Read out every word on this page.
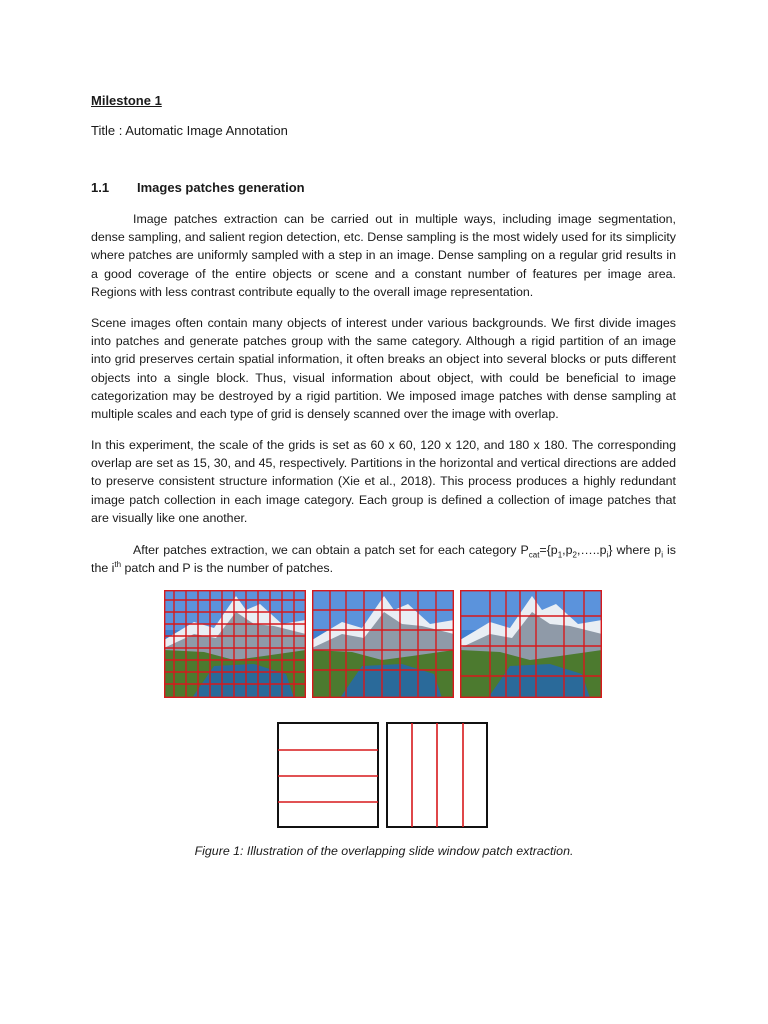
Milestone 1
Title : Automatic Image Annotation
1.1	Images patches generation

Image patches extraction can be carried out in multiple ways, including image segmentation, dense sampling, and salient region detection, etc. Dense sampling is the most widely used for its simplicity where patches are uniformly sampled with a step in an image. Dense sampling on a regular grid results in a good coverage of the entire objects or scene and a constant number of features per image area. Regions with less contrast contribute equally to the overall image representation.

Scene images often contain many objects of interest under various backgrounds. We first divide images into patches and generate patches group with the same category. Although a rigid partition of an image into grid preserves certain spatial information, it often breaks an object into several blocks or puts different objects into a single block. Thus, visual information about object, with could be beneficial to image categorization may be destroyed by a rigid partition. We imposed image patches with dense sampling at multiple scales and each type of grid is densely scanned over the image with overlap.

In this experiment, the scale of the grids is set as 60 x 60, 120 x 120, and 180 x 180. The corresponding overlap are set as 15, 30, and 45, respectively. Partitions in the horizontal and vertical directions are added to preserve consistent structure information (Xie et al., 2018). This process produces a highly redundant image patch collection in each image category. Each group is defined a collection of image patches that are visually like one another.

After patches extraction, we can obtain a patch set for each category $P_{cat}=\{p_1,p_2,\dots..p_i\}$ where $p_i$ is the $i^{th}$ patch and P is the number of patches.

Figure 1: Illustration of the overlapping slide window patch extraction.
